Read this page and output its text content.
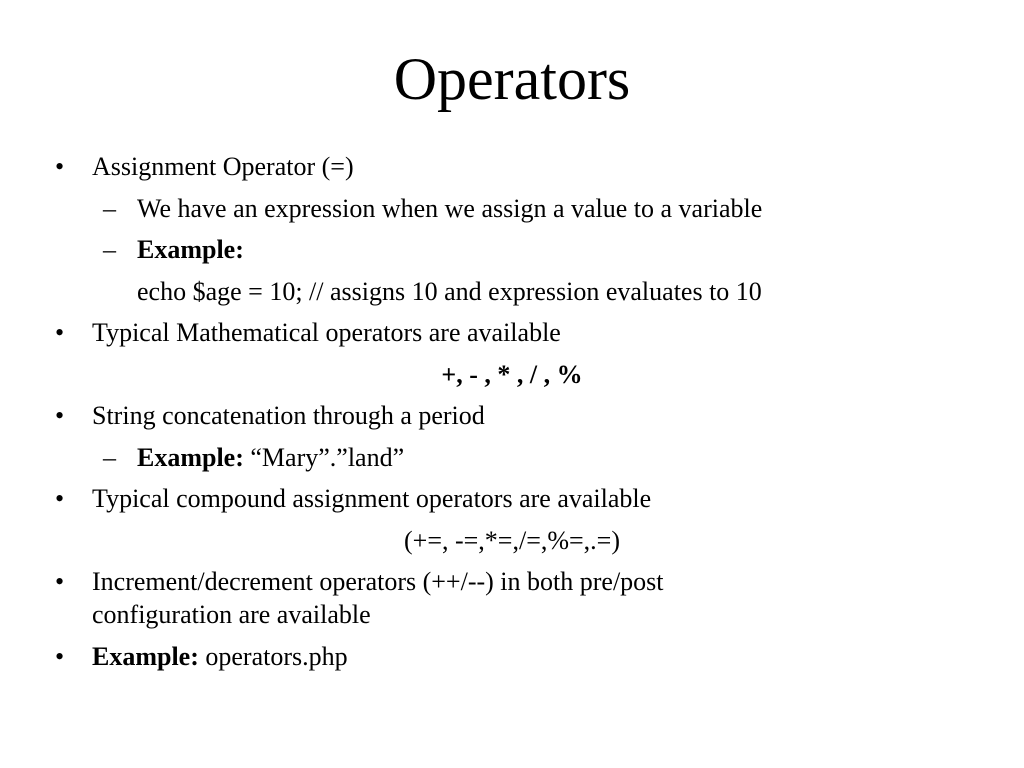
Operators
• Assignment Operator (=)
– We have an expression when we assign a value to a variable
– Example:
echo $age = 10; // assigns 10 and expression evaluates to 10
• Typical Mathematical operators are available
+, - , * , / , %
• String concatenation through a period
– Example: “Mary”.”land”
• Typical compound assignment operators are available
(+=, -=,*=,/=,%=,.=)
• Increment/decrement operators (++/--) in both pre/post
configuration are available
• Example: operators.php
